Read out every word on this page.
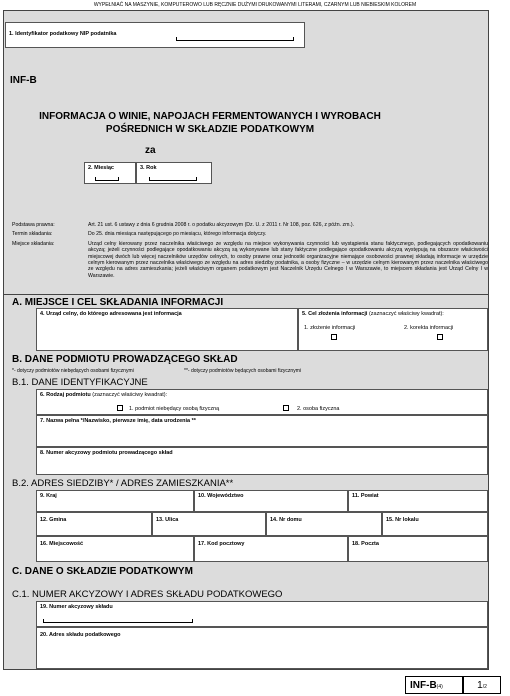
WYPEŁNIAĆ NA MASZYNIE, KOMPUTEROWO LUB RĘCZNIE DUŻYMI DRUKOWANYMI LITERAMI, CZARNYM LUB NIEBIESKIM KOLOREM
1. Identyfikator podatkowy NIP podatnika
INF-B
INFORMACJA O WINIE, NAPOJACH FERMENTOWANYCH I WYROBACH
POŚREDNICH W SKŁADZIE PODATKOWYM
za
2. Miesiąc	3. Rok
Podstawa prawna:	Art. 21 ust. 6 ustawy z dnia 6 grudnia 2008 r. o podatku akcyzowym (Dz. U. z 2011 r. Nr 108, poz. 626, z późn. zm.).
Termin składania:	Do 25. dnia miesiąca następującego po miesiącu, którego informacja dotyczy.
Miejsce składania:	Urząd celny kierowany przez naczelnika właściwego ze względu na miejsce wykonywania czynności lub wystąpienia stanu faktycznego, podlegających opodatkowaniu akcyzą; jeżeli czynności podlegające opodatkowaniu akcyzą są wykonywane lub stany faktyczne podlegające opodatkowaniu akcyzą występują na obszarze właściwości miejscowej dwóch lub więcej naczelników urzędów celnych, to osoby prawne oraz jednostki organizacyjne niemające osobowości prawnej składają informacje w urzędzie celnym kierowanym przez naczelnika właściwego ze względu na adres siedziby podatnika, a osoby fizyczne – w urzędzie celnym kierowanym przez naczelnika właściwego ze względu na adres zamieszkania; jeżeli właściwym organem podatkowym jest Naczelnik Urzędu Celnego I w Warszawie, to miejscem składania jest Urząd Celny I w Warszawie.
A. MIEJSCE I CEL SKŁADANIA INFORMACJI
4. Urząd celny, do którego adresowana jest informacja	5. Cel złożenia informacji (zaznaczyć właściwy kwadrat):
1. złożenie informacji	2. korekta informacji
B. DANE PODMIOTU PROWADZĄCEGO SKŁAD
*- dotyczy podmiotów niebędących osobami fizycznymi	**- dotyczy podmiotów będących osobami fizycznymi
B.1. DANE IDENTYFIKACYJNE
6. Rodzaj podmiotu (zaznaczyć właściwy kwadrat):
1. podmiot niebędący osobą fizyczną	2. osoba fizyczna
7. Nazwa pełna */Nazwisko, pierwsze imię, data urodzenia **
8. Numer akcyzowy podmiotu prowadzącego skład
B.2. ADRES SIEDZIBY* / ADRES ZAMIESZKANIA**
9. Kraj	10. Województwo	11. Powiat
12. Gmina	13. Ulica	14. Nr domu	15. Nr lokalu
16. Miejscowość	17. Kod pocztowy	18. Poczta
C. DANE O SKŁADZIE PODATKOWYM
C.1. NUMER AKCYZOWY I ADRES SKŁADU PODATKOWEGO
19. Numer akcyzowy składu
20. Adres składu podatkowego
INF-B(4)	1/2
